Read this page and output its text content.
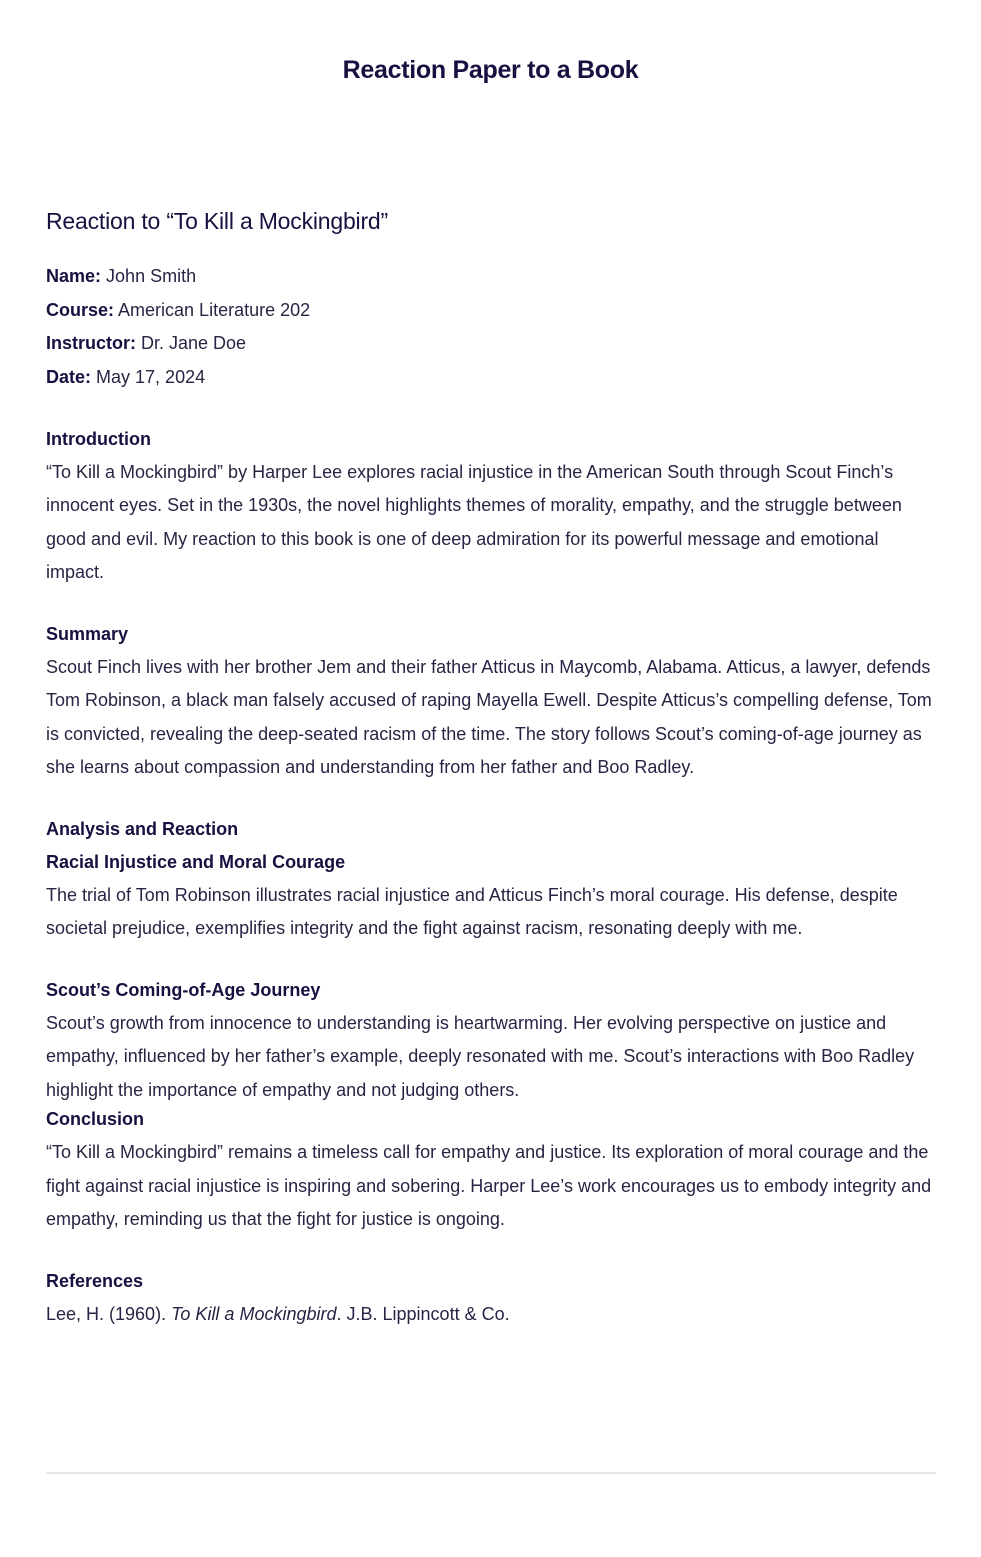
Reaction Paper to a Book
Reaction to “To Kill a Mockingbird”
Name: John Smith
Course: American Literature 202
Instructor: Dr. Jane Doe
Date: May 17, 2024
Introduction

“To Kill a Mockingbird” by Harper Lee explores racial injustice in the American South through Scout Finch’s innocent eyes. Set in the 1930s, the novel highlights themes of morality, empathy, and the struggle between good and evil. My reaction to this book is one of deep admiration for its powerful message and emotional impact.

Summary

Scout Finch lives with her brother Jem and their father Atticus in Maycomb, Alabama. Atticus, a lawyer, defends Tom Robinson, a black man falsely accused of raping Mayella Ewell. Despite Atticus’s compelling defense, Tom is convicted, revealing the deep-seated racism of the time. The story follows Scout’s coming-of-age journey as she learns about compassion and understanding from her father and Boo Radley.

Analysis and Reaction
Racial Injustice and Moral Courage

The trial of Tom Robinson illustrates racial injustice and Atticus Finch’s moral courage. His defense, despite societal prejudice, exemplifies integrity and the fight against racism, resonating deeply with me.

Scout’s Coming-of-Age Journey

Scout’s growth from innocence to understanding is heartwarming. Her evolving perspective on justice and empathy, influenced by her father’s example, deeply resonated with me. Scout’s interactions with Boo Radley highlight the importance of empathy and not judging others.

Conclusion

“To Kill a Mockingbird” remains a timeless call for empathy and justice. Its exploration of moral courage and the fight against racial injustice is inspiring and sobering. Harper Lee’s work encourages us to embody integrity and empathy, reminding us that the fight for justice is ongoing.

References

Lee, H. (1960). To Kill a Mockingbird. J.B. Lippincott & Co.
